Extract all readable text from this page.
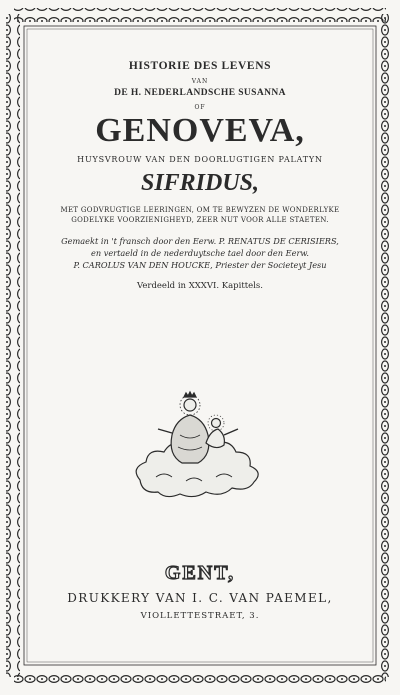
HISTORIE DES LEVENS
VAN
DE H. NEDERLANDSCHE SUSANNA
OF
GENOVEVA,
HUYSVROUW VAN DEN DOORLUGTIGEN PALATYN
SIFRIDUS,
MET GODVRUGTIGE LEERINGEN, OM TE BEWYZEN DE WONDERLYKE
GODELYKE VOORZIENIGHEYD, ZEER NUT VOOR ALLE STAETEN.
Gemaekt in 't fransch door den Eerw. P. RENATUS DE CERISIERS,
en vertaeld in de nederduytsche tael door den Eerw.
P. CAROLUS VAN DEN HOUCKE, Priester der Societeyt Jesu
Verdeeld in XXXVI. Kapittels.
GENT,
DRUKKERY VAN I. C. VAN PAEMEL,
VIOLLETTESTRAET, 3.
